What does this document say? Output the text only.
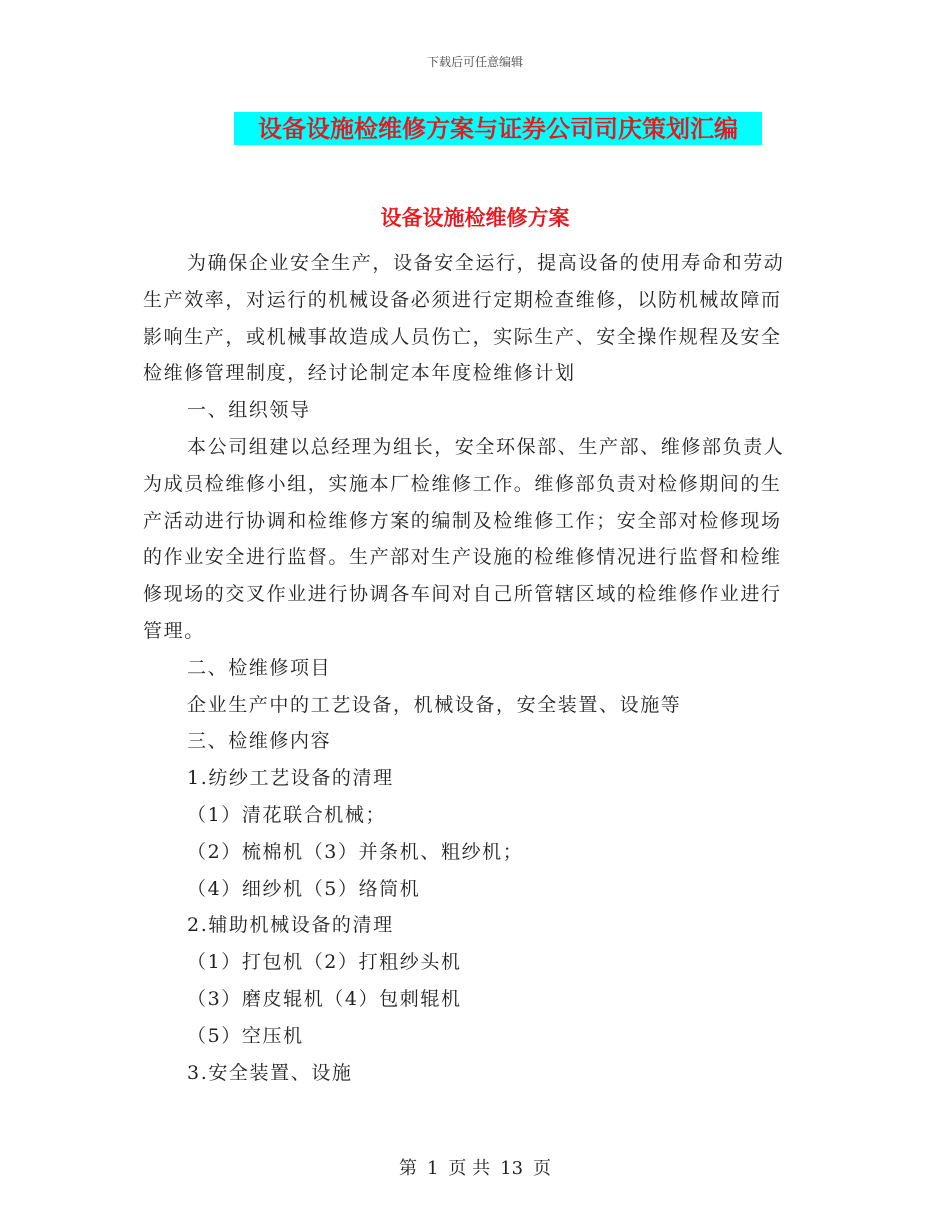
下载后可任意编辑
设备设施检维修方案与证券公司司庆策划汇编
设备设施检维修方案

为确保企业安全生产，设备安全运行，提高设备的使用寿命和劳动生产效率，对运行的机械设备必须进行定期检查维修，以防机械故障而影响生产，或机械事故造成人员伤亡，实际生产、安全操作规程及安全检维修管理制度，经讨论制定本年度检维修计划

一、组织领导

本公司组建以总经理为组长，安全环保部、生产部、维修部负责人为成员检维修小组，实施本厂检维修工作。维修部负责对检修期间的生产活动进行协调和检维修方案的编制及检维修工作；安全部对检修现场的作业安全进行监督。生产部对生产设施的检维修情况进行监督和检维修现场的交叉作业进行协调各车间对自己所管辖区域的检维修作业进行管理。

二、检维修项目

企业生产中的工艺设备，机械设备，安全装置、设施等

三、检维修内容

1.纺纱工艺设备的清理

（1）清花联合机械；

（2）梳棉机（3）并条机、粗纱机；

（4）细纱机（5）络筒机

2.辅助机械设备的清理

（1）打包机（2）打粗纱头机

（3）磨皮辊机（4）包刺辊机

（5）空压机

3.安全装置、设施

第 1 页 共 13 页
